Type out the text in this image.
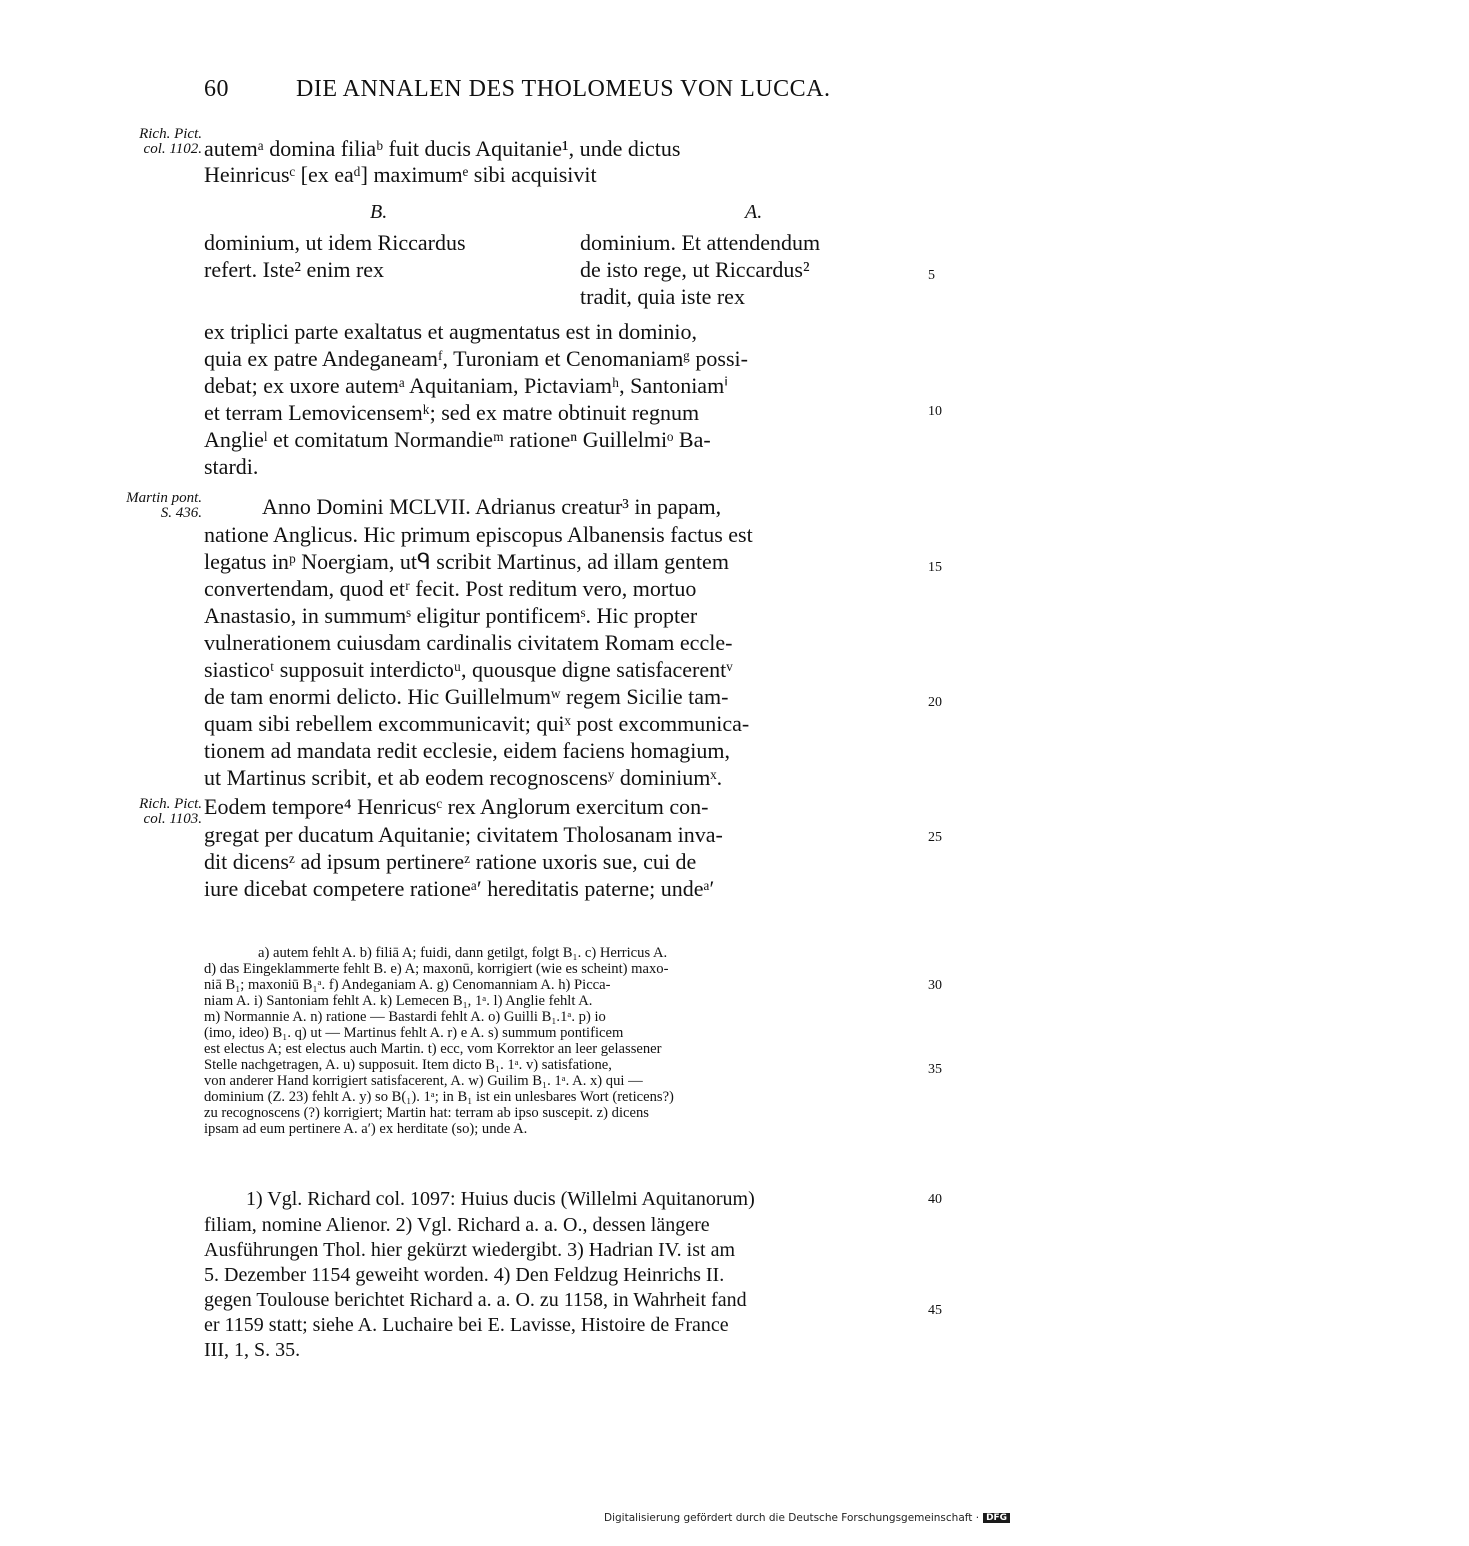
60	DIE ANNALEN DES THOLOMEUS VON LUCCA.
Rich. Pict.
col. 1102.
Martin pont.
S. 436.
Rich. Pict.
col. 1103.
autemᵃ domina filiaᵇ fuit ducis Aquitanie¹, unde dictus
Heinricusᶜ [ex eaᵈ] maximumᵉ sibi acquisivit
B.	A.
dominium, ut idem Riccardus
refert. Iste² enim rex
dominium. Et attendendum
de isto rege, ut Riccardus²
tradit, quia iste rex
ex triplici parte exaltatus et augmentatus est in dominio,
quia ex patre Andeganeamᶠ, Turoniam et Cenomaniamᵍ possi-
debat; ex uxore autemᵃ Aquitaniam, Pictaviamʰ, Santoniamⁱ
et terram Lemovicensemᵏ; sed ex matre obtinuit regnum
Anglieˡ et comitatum Normandieᵐ rationeⁿ Guillelmiᵒ Ba-
stardi.
Anno Domini MCLVII. Adrianus creatur³ in papam,
natione Anglicus. Hic primum episcopus Albanensis factus est
legatus inᵖ Noergiam, utᑫ scribit Martinus, ad illam gentem
convertendam, quod etʳ fecit. Post reditum vero, mortuo
Anastasio, in summumˢ eligitur pontificemˢ. Hic propter
vulnerationem cuiusdam cardinalis civitatem Romam eccle-
siasticoᵗ supposuit interdictoᵘ, quousque digne satisfacerentᵛ
de tam enormi delicto. Hic Guillelmumʷ regem Sicilie tam-
quam sibi rebellem excommunicavit; quiˣ post excommunica-
tionem ad mandata redit ecclesie, eidem faciens homagium,
ut Martinus scribit, et ab eodem recognoscensʸ dominiumˣ.
Eodem tempore⁴ Henricusᶜ rex Anglorum exercitum con-
gregat per ducatum Aquitanie; civitatem Tholosanam inva-
dit dicensᶻ ad ipsum pertinereᶻ ratione uxoris sue, cui de
iure dicebat competere rationeᵃ′ hereditatis paterne; undeᵃ′
a) autem fehlt A. b) filiā A; fuidi, dann getilgt, folgt B₁. c) Herricus A.
d) das Eingeklammerte fehlt B. e) A; maxonū, korrigiert (wie es scheint) maxo-
niā B₁; maxoniū B₁ᵃ. f) Andeganiam A. g) Cenomanniam A. h) Picca-
niam A. i) Santoniam fehlt A. k) Lemecen B₁, 1ᵃ. l) Anglie fehlt A.
m) Normannie A. n) ratione — Bastardi fehlt A. o) Guilli B₁.1ᵃ. p) io
(imo, ideo) B₁. q) ut — Martinus fehlt A. r) e A. s) summum pontificem
est electus A; est electus auch Martin. t) ecc, vom Korrektor an leer gelassener
Stelle nachgetragen, A. u) supposuit. Item dicto B₁. 1ᵃ. v) satisfatione,
von anderer Hand korrigiert satisfacerent, A. w) Guilim B₁. 1ᵃ. A. x) qui —
dominium (Z. 23) fehlt A. y) so B(₁). 1ᵃ; in B₁ ist ein unlesbares Wort (reticens?)
zu recognoscens (?) korrigiert; Martin hat: terram ab ipso suscepit. z) dicens
ipsam ad eum pertinere A. a′) ex herditate (so); unde A.
1) Vgl. Richard col. 1097: Huius ducis (Willelmi Aquitanorum)
filiam, nomine Alienor. 2) Vgl. Richard a. a. O., dessen längere
Ausführungen Thol. hier gekürzt wiedergibt. 3) Hadrian IV. ist am
5. Dezember 1154 geweiht worden. 4) Den Feldzug Heinrichs II.
gegen Toulouse berichtet Richard a. a. O. zu 1158, in Wahrheit fand
er 1159 statt; siehe A. Luchaire bei E. Lavisse, Histoire de France
III, 1, S. 35.
5
10
15
20
25
30
35
40
45
Digitalisierung gefördert durch die Deutsche Forschungsgemeinschaft · DFG
